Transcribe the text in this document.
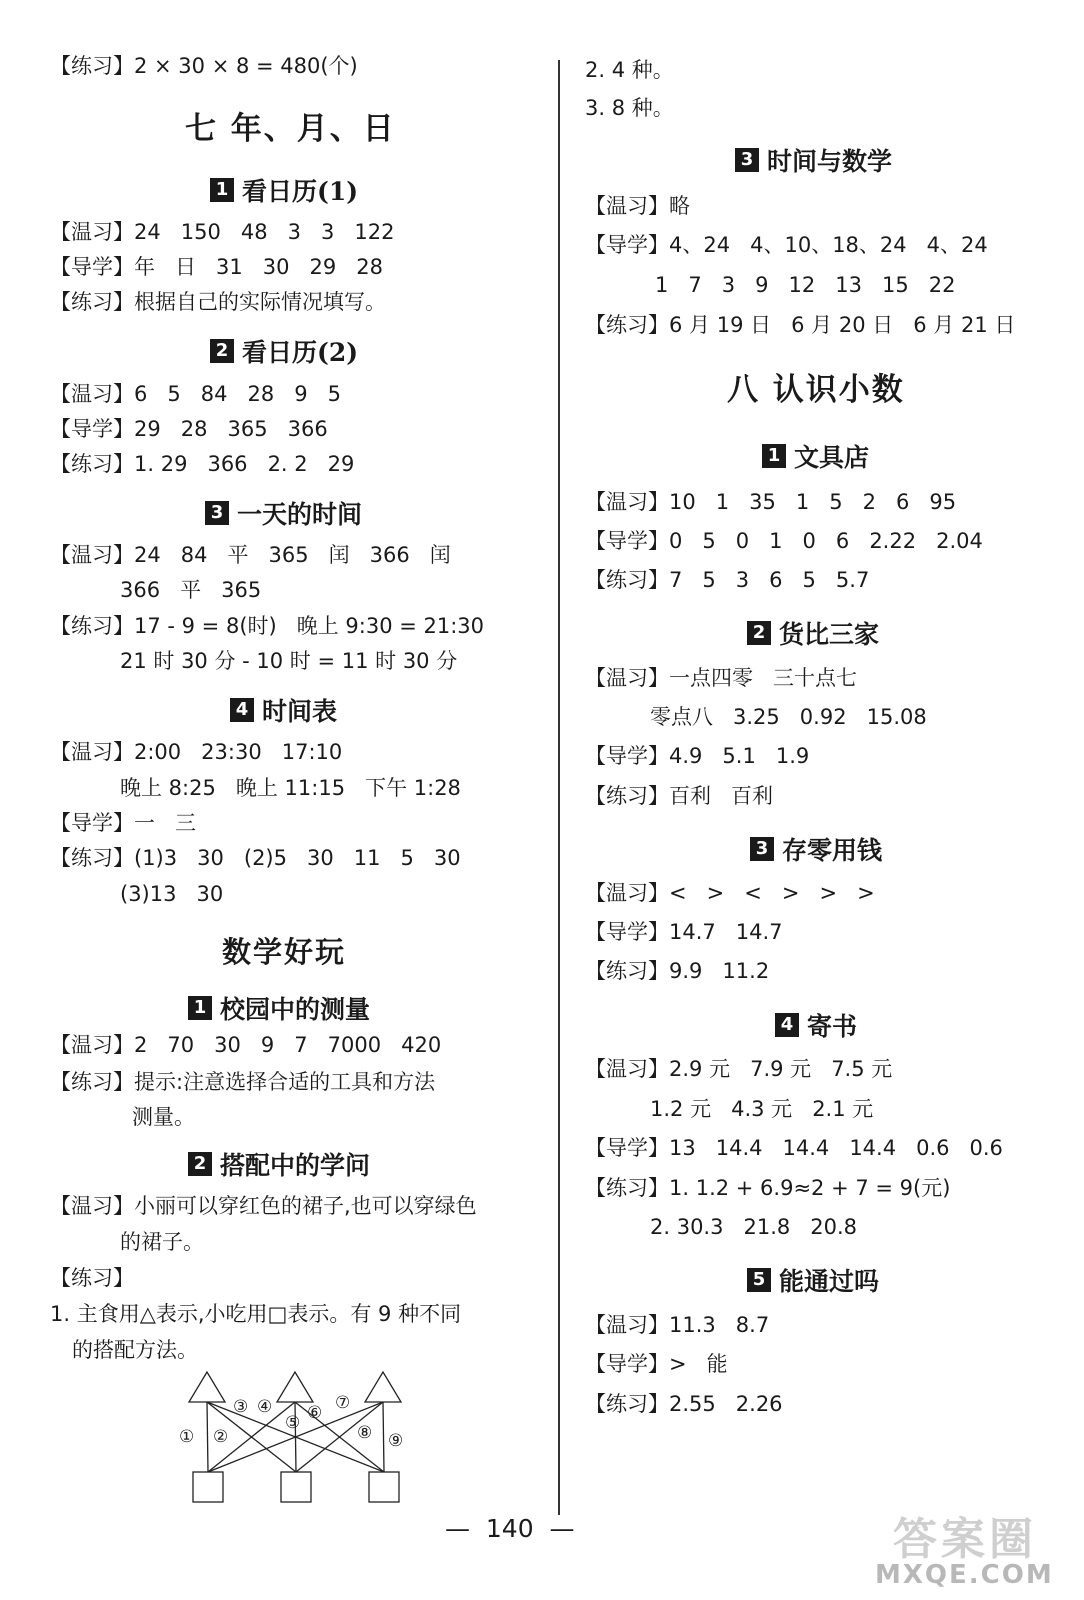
【练习】2 × 30 × 8 = 480(个)
七 年、月、日
1 看日历(1)
【温习】24   150   48   3   3   122
【导学】年   日   31   30   29   28
【练习】根据自己的实际情况填写。
2 看日历(2)
【温习】6   5   84   28   9   5
【导学】29   28   365   366
【练习】1. 29   366   2. 2   29
3 一天的时间
【温习】24   84   平   365   闰   366   闰
366   平   365
【练习】17 - 9 = 8(时)   晚上 9:30 = 21:30
21 时 30 分 - 10 时 = 11 时 30 分
4 时间表
【温习】2:00   23:30   17:10
晚上 8:25   晚上 11:15   下午 1:28
【导学】一   三
【练习】(1)3   30   (2)5   30   11   5   30
(3)13   30
数学好玩
1 校园中的测量
【温习】2   70   30   9   7   7000   420
【练习】提示:注意选择合适的工具和方法
测量。
2 搭配中的学问
【温习】小丽可以穿红色的裙子,也可以穿绿色
的裙子。
【练习】
1. 主食用△表示,小吃用□表示。有 9 种不同
的搭配方法。
① ②
③ ④
⑤ ⑥ ⑦
⑧ ⑨
2. 4 种。
3. 8 种。
3 时间与数学
【温习】略
【导学】4、24   4、10、18、24   4、24
1   7   3   9   12   13   15   22
【练习】6 月 19 日   6 月 20 日   6 月 21 日
八 认识小数
1 文具店
【温习】10   1   35   1   5   2   6   95
【导学】0   5   0   1   0   6   2.22   2.04
【练习】7   5   3   6   5   5.7
2 货比三家
【温习】一点四零   三十点七
零点八   3.25   0.92   15.08
【导学】4.9   5.1   1.9
【练习】百利   百利
3 存零用钱
【温习】<   >   <   >   >   >
【导学】14.7   14.7
【练习】9.9   11.2
4 寄书
【温习】2.9 元   7.9 元   7.5 元
1.2 元   4.3 元   2.1 元
【导学】13   14.4   14.4   14.4   0.6   0.6
【练习】1. 1.2 + 6.9≈2 + 7 = 9(元)
2. 30.3   21.8   20.8
5 能通过吗
【温习】11.3   8.7
【导学】>   能
【练习】2.55   2.26
—  140  —	答案圈
MXQE.COM
